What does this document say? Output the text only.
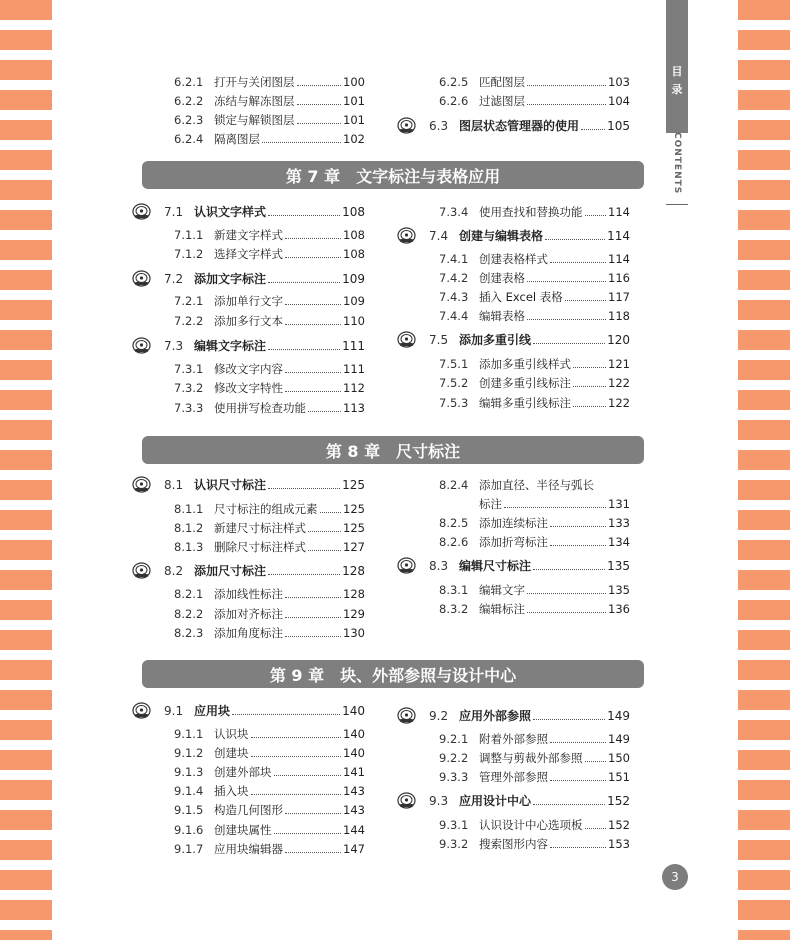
目
录
CONTENTS
第 7 章 文字标注与表格应用
第 8 章 尺寸标注
第 9 章 块、外部参照与设计中心
6.2.1 打开与关闭图层	100
6.2.2 冻结与解冻图层	101
6.2.3 锁定与解锁图层	101
6.2.4 隔离图层	102
6.2.5 匹配图层	103
6.2.6 过滤图层	104
6.3 图层状态管理器的使用 105
7.1 认识文字样式	108
7.1.1 新建文字样式	108
7.1.2 选择文字样式	108
7.2 添加文字标注	109
7.2.1 添加单行文字	109
7.2.2 添加多行文本	110
7.3 编辑文字标注	111
7.3.1 修改文字内容	111
7.3.2 修改文字特性	112
7.3.3 使用拼写检查功能	113
7.3.4 使用查找和替换功能 114
7.4 创建与编辑表格	114
7.4.1 创建表格样式	114
7.4.2 创建表格	116
7.4.3 插入 Excel 表格	117
7.4.4 编辑表格	118
7.5 添加多重引线	120
7.5.1 添加多重引线样式	121
7.5.2 创建多重引线标注	122
7.5.3 编辑多重引线标注	122
8.1 认识尺寸标注	125
8.1.1 尺寸标注的组成元素 125
8.1.2 新建尺寸标注样式	125
8.1.3 删除尺寸标注样式	127
8.2 添加尺寸标注	128
8.2.1 添加线性标注	128
8.2.2 添加对齐标注	129
8.2.3 添加角度标注	130
8.2.4 添加直径、半径与弧长
标注	131
8.2.5 添加连续标注	133
8.2.6 添加折弯标注	134
8.3 编辑尺寸标注	135
8.3.1 编辑文字	135
8.3.2 编辑标注	136
9.1 应用块	140
9.1.1 认识块	140
9.1.2 创建块	140
9.1.3 创建外部块	141
9.1.4 插入块	143
9.1.5 构造几何图形	143
9.1.6 创建块属性	144
9.1.7 应用块编辑器	147
9.2 应用外部参照	149
9.2.1 附着外部参照	149
9.2.2 调整与剪裁外部参照 150
9.3.3 管理外部参照	151
9.3 应用设计中心	152
9.3.1 认识设计中心选项板 152
9.3.2 搜索图形内容	153
3
